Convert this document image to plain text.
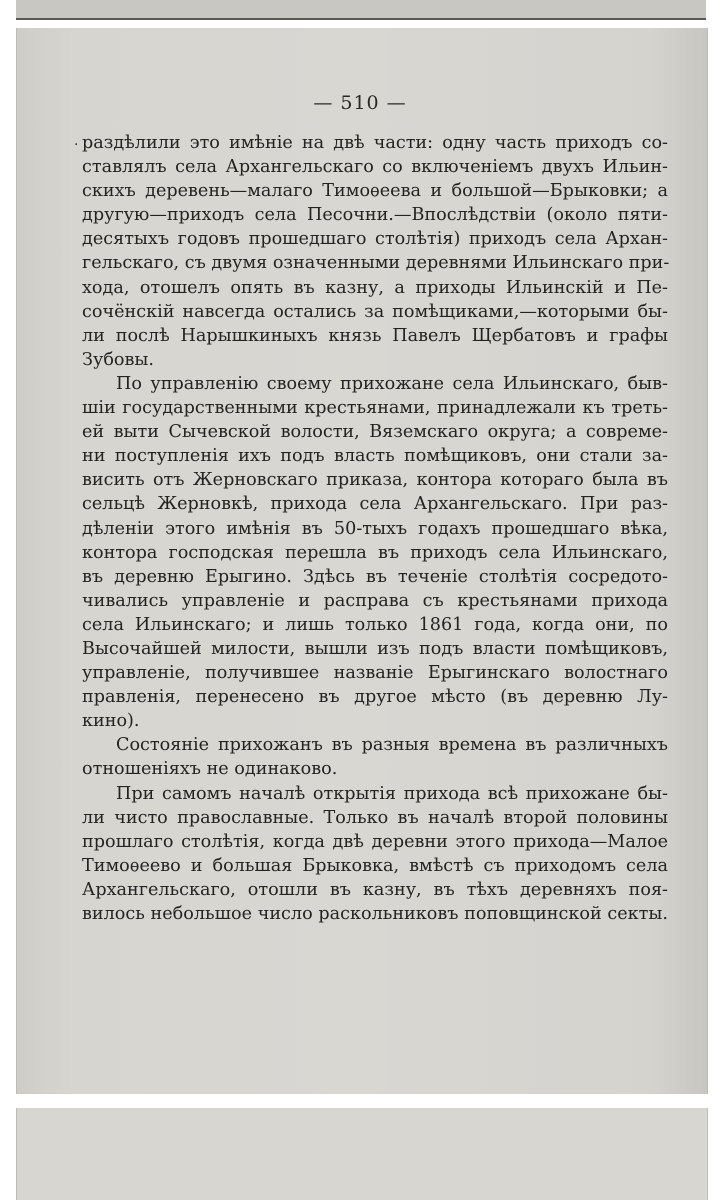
— 510 —
· раздѣлили это имѣніе на двѣ части: одну часть приходъ со-
ставлялъ села Архангельскаго со включеніемъ двухъ Ильин-
скихъ деревень—малаго Тимоѳеева и большой—Брыковки; а
другую—приходъ села Песочни.—Впослѣдствіи (около пяти-
десятыхъ годовъ прошедшаго столѣтія) приходъ села Архан-
гельскаго, съ двумя означенными деревнями Ильинскаго при-
хода, отошелъ опять въ казну, а приходы Ильинскій и Пе-
сочёнскій навсегда остались за помѣщиками,—которыми бы-
ли послѣ Нарышкиныхъ князь Павелъ Щербатовъ и графы
Зубовы.
По управленію своему прихожане села Ильинскаго, быв-
шіи государственными крестьянами, принадлежали къ треть-
ей выти Сычевской волости, Вяземскаго округа; а совреме-
ни поступленія ихъ подъ власть помѣщиковъ, они стали за-
висить отъ Жерновскаго приказа, контора котораго была въ
сельцѣ Жерновкѣ, прихода села Архангельскаго. При раз-
дѣленіи этого имѣнія въ 50-тыхъ годахъ прошедшаго вѣка,
контора господская перешла въ приходъ села Ильинскаго,
въ деревню Ерыгино. Здѣсь въ теченіе столѣтія сосредото-
чивались управленіе и расправа съ крестьянами прихода
села Ильинскаго; и лишь только 1861 года, когда они, по
Высочайшей милости, вышли изъ подъ власти помѣщиковъ,
управленіе, получившее названіе Ерыгинскаго волостнаго
правленія, перенесено въ другое мѣсто (въ деревню Лу-
кино).
Состояніе прихожанъ въ разныя времена въ различныхъ
отношеніяхъ не одинаково.
При самомъ началѣ открытія прихода всѣ прихожане бы-
ли чисто православные. Только въ началѣ второй половины
прошлаго столѣтія, когда двѣ деревни этого прихода—Малое
Тимоѳеево и большая Брыковка, вмѣстѣ съ приходомъ села
Архангельскаго, отошли въ казну, въ тѣхъ деревняхъ поя-
вилось небольшое число раскольниковъ поповщинской секты.
